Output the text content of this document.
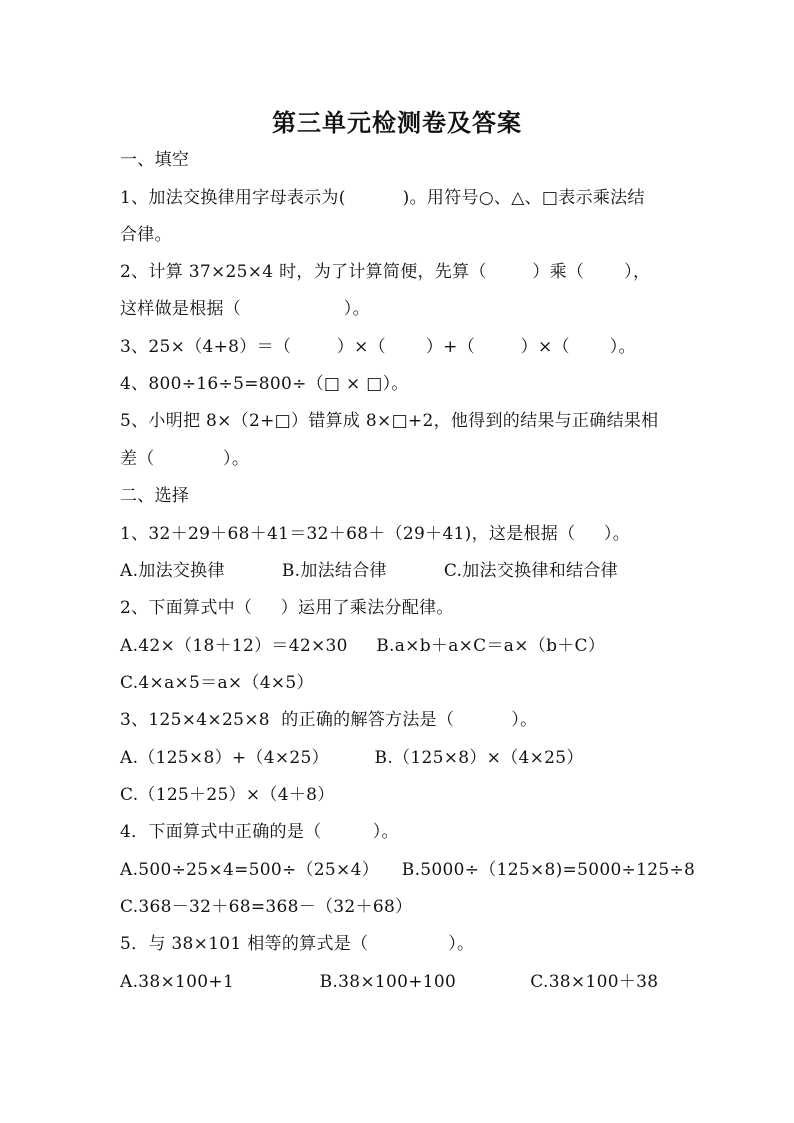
第三单元检测卷及答案
一、填空
1、加法交换律用字母表示为(          )。用符号○、△、□表示乘法结
合律。
2、计算 37×25×4 时，为了计算简便，先算（        ）乘（       ），
这样做是根据（                  ）。
3、25×（4+8）＝（        ）×（       ）+（        ）×（       ）。
4、800÷16÷5=800÷（□ × □）。
5、小明把 8×（2+□）错算成 8×□+2，他得到的结果与正确结果相
差（            ）。
二、选择
1、32＋29＋68＋41＝32＋68＋（29＋41)，这是根据（     ）。
A.加法交换律          B.加法结合律          C.加法交换律和结合律
2、下面算式中（     ）运用了乘法分配律。
A.42×（18＋12）＝42×30     B.a×b＋a×C＝a×（b＋C）
C.4×a×5＝a×（4×5）
3、125×4×25×8  的正确的解答方法是（          ）。
A.（125×8）+（4×25）        B.（125×8）×（4×25）
C.（125＋25）×（4＋8）
4．下面算式中正确的是（         ）。
A.500÷25×4=500÷（25×4）    B.5000÷（125×8)=5000÷125÷8
C.368－32＋68=368－（32＋68）
5．与 38×101 相等的算式是（              ）。
A.38×100+1               B.38×100+100             C.38×100＋38
